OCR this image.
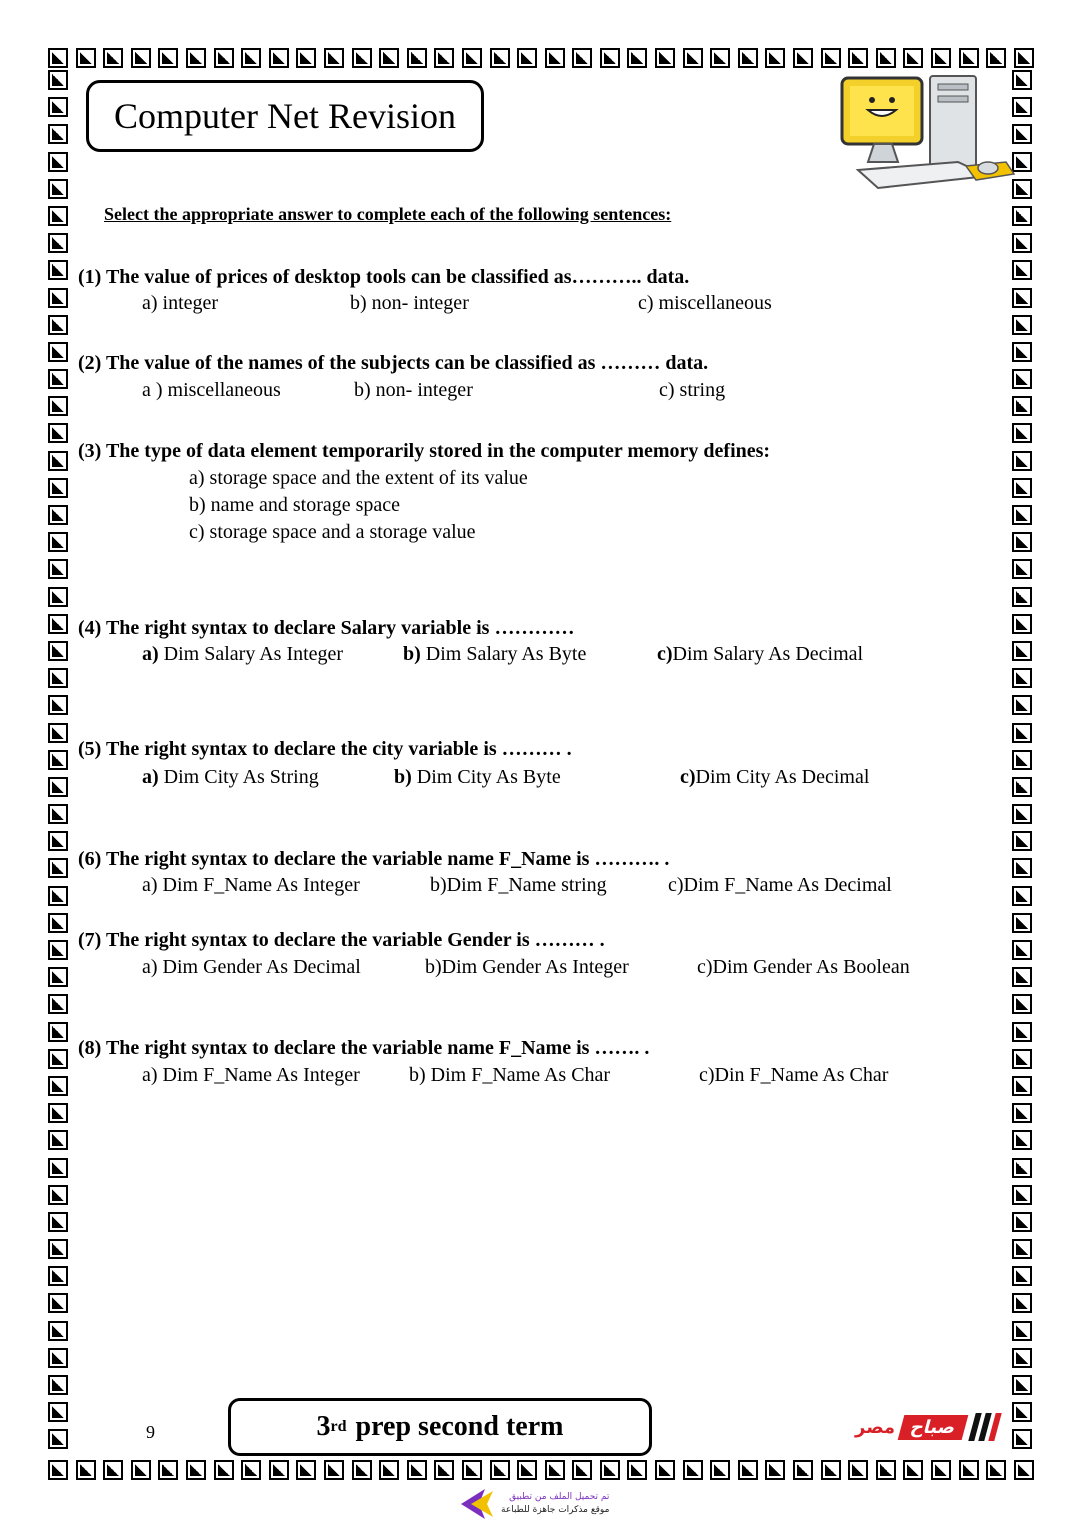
Computer Net Revision
Select the appropriate answer to complete each of the following sentences:
(1) The value of prices of desktop tools can be classified as……….. data.
a) integer	b) non- integer	c) miscellaneous
(2) The value of the names of the subjects can be classified as ……… data.
a ) miscellaneous	b) non- integer	c) string
(3) The type of data element temporarily stored in the computer memory defines:
a) storage space and the extent of its value
b) name and storage space
c) storage space and a storage value
(4) The right syntax to declare Salary variable is …………
a) Dim Salary As Integer	b) Dim Salary As Byte	c)Dim Salary As Decimal
(5) The right syntax to declare the city variable is ……… .
a) Dim City As String	b) Dim City As Byte	c)Dim City As Decimal
(6) The right syntax to declare the variable name F_Name is ………. .
a) Dim F_Name As Integer	b)Dim F_Name string	c)Dim F_Name As Decimal
(7) The right syntax to declare the variable Gender is ……… .
a) Dim Gender As Decimal	b)Dim Gender As Integer	c)Dim Gender As Boolean
(8) The right syntax to declare the variable name F_Name is ……. .
a) Dim F_Name As Integer b) Dim F_Name As Char	c)Din F_Name As Char
9	3 rd prep second term	مصر صباح
تم تحميل الملف من تطبيق
موقع مذكرات جاهزة للطباعة
